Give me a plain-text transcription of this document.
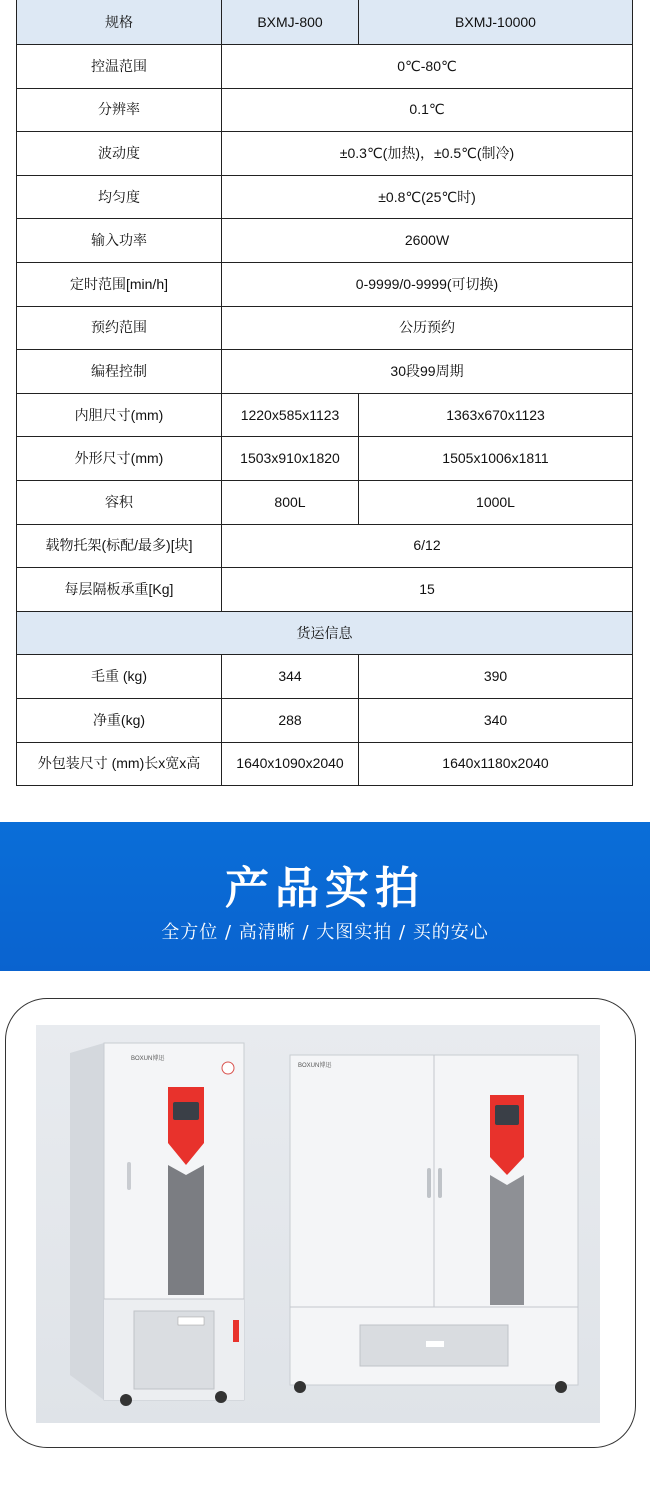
规格	BXMJ-800	BXMJ-10000
控温范围	0℃-80℃	
分辨率	0.1℃	
波动度	±0.3℃(加热)，±0.5℃(制冷)	
均匀度	±0.8℃(25℃时)	
输入功率	2600W	
定时范围[min/h]	0-9999/0-9999(可切换)	
预约范围	公历预约	
编程控制	30段99周期	
内胆尺寸(mm)	1220x585x1123	1363x670x1123
外形尺寸(mm)	1503x910x1820	1505x1006x1811
容积	800L	1000L
载物托架(标配/最多)[块]	6/12	
每层隔板承重[Kg]	15	
货运信息		
毛重 (kg)	344	390
净重(kg)	288	340
外包装尺寸 (mm)长x宽x高	1640x1090x2040	1640x1180x2040
产品实拍
全方位 / 高清晰 / 大图实拍 / 买的安心
BOXUN博迅
BOXUN博迅
